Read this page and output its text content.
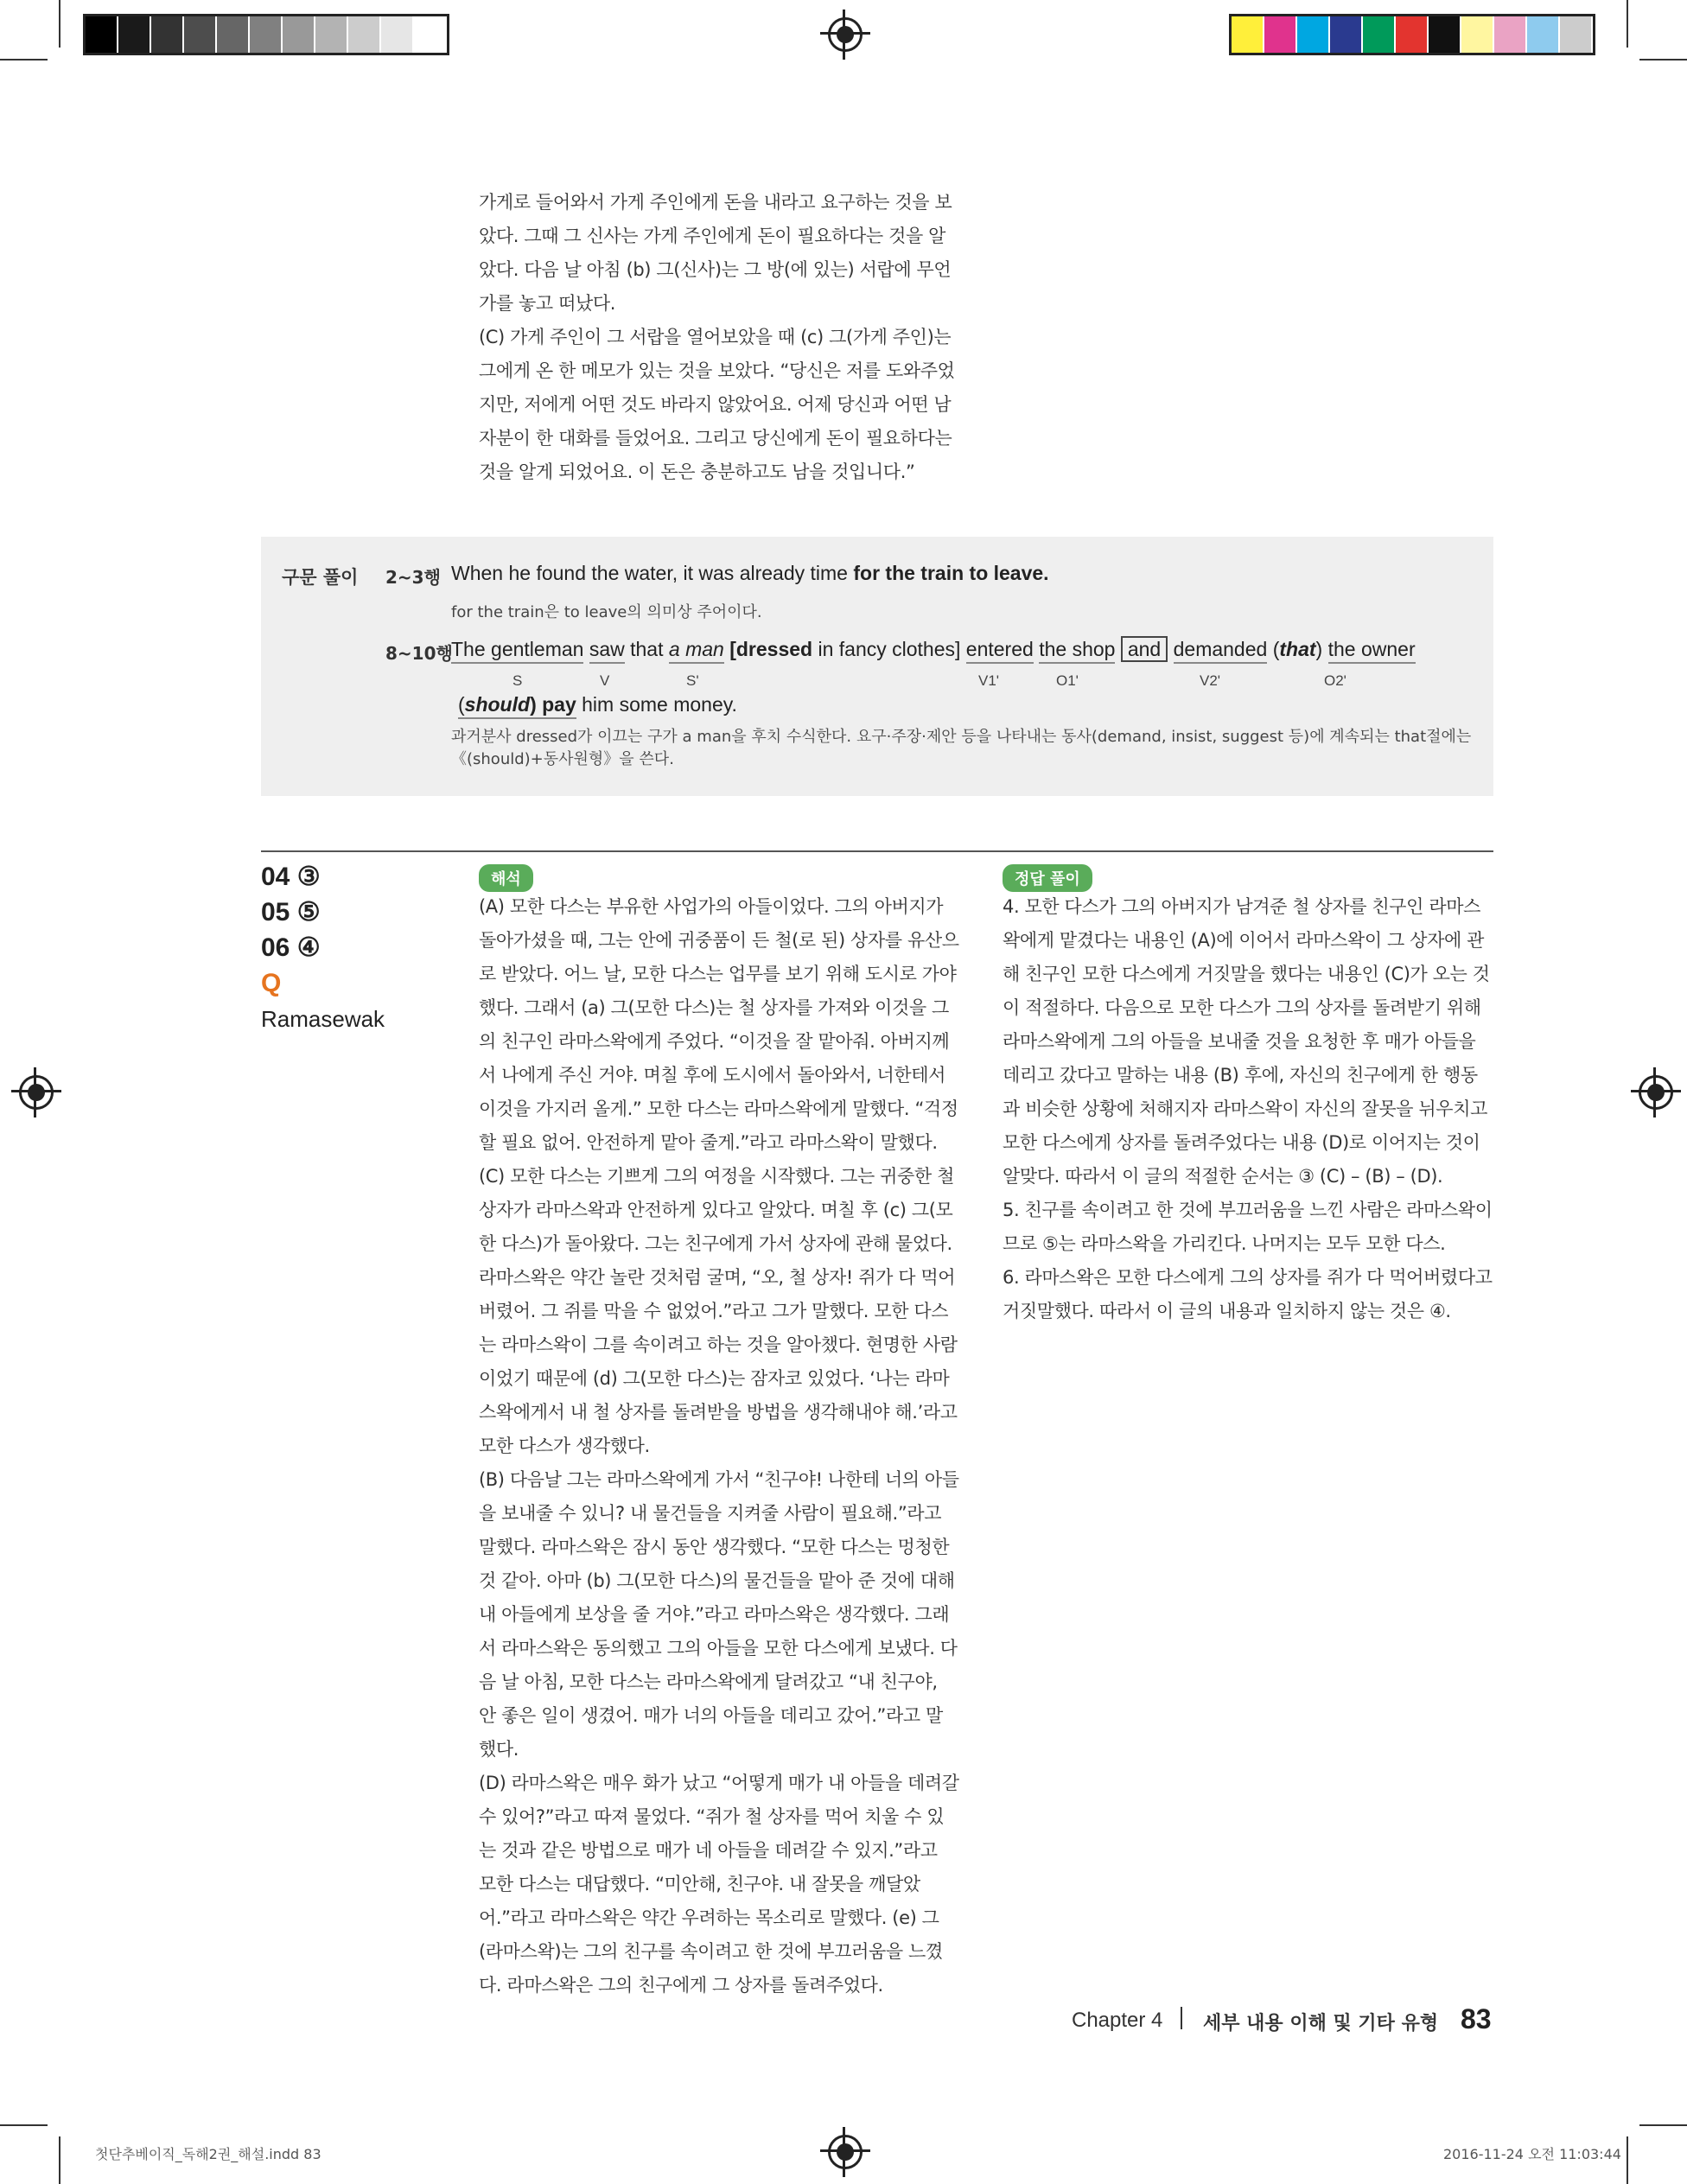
가게로 들어와서 가게 주인에게 돈을 내라고 요구하는 것을 보았다. 그때 그 신사는 가게 주인에게 돈이 필요하다는 것을 알았다. 다음 날 아침 (b) 그(신사)는 그 방(에 있는) 서랍에 무언가를 놓고 떠났다.

(C) 가게 주인이 그 서랍을 열어보았을 때 (c) 그(가게 주인)는 그에게 온 한 메모가 있는 것을 보았다. “당신은 저를 도와주었지만, 저에게 어떤 것도 바라지 않았어요. 어제 당신과 어떤 남자분이 한 대화를 들었어요. 그리고 당신에게 돈이 필요하다는 것을 알게 되었어요. 이 돈은 충분하고도 남을 것입니다.”

구문 풀이 2~3행 When he found the water, it was already time for the train to leave.
for the train은 to leave의 의미상 주어이다.
8~10행
The gentleman saw that a man [dressed in fancy clothes] entered the shop and demanded (that) the owner
S	V	S'	V1'	O1'	V2'	O2'
(should) pay him some money.
과거분사 dressed가 이끄는 구가 a man을 후치 수식한다. 요구·주장·제안 등을 나타내는 동사(demand, insist, suggest 등)에 계속되는 that절에는 《(should)+동사원형》을 쓴다.
04 ③
05 ⑤
06 ④
Q
Ramasewak
해석

(A) 모한 다스는 부유한 사업가의 아들이었다. 그의 아버지가 돌아가셨을 때, 그는 안에 귀중품이 든 철(로 된) 상자를 유산으로 받았다. 어느 날, 모한 다스는 업무를 보기 위해 도시로 가야 했다. 그래서 (a) 그(모한 다스)는 철 상자를 가져와 이것을 그의 친구인 라마스왁에게 주었다. “이것을 잘 맡아줘. 아버지께서 나에게 주신 거야. 며칠 후에 도시에서 돌아와서, 너한테서 이것을 가지러 올게.” 모한 다스는 라마스왁에게 말했다. “걱정할 필요 없어. 안전하게 맡아 줄게.”라고 라마스왁이 말했다.

(C) 모한 다스는 기쁘게 그의 여정을 시작했다. 그는 귀중한 철 상자가 라마스왁과 안전하게 있다고 알았다. 며칠 후 (c) 그(모한 다스)가 돌아왔다. 그는 친구에게 가서 상자에 관해 물었다. 라마스왁은 약간 놀란 것처럼 굴며, “오, 철 상자! 쥐가 다 먹어버렸어. 그 쥐를 막을 수 없었어.”라고 그가 말했다. 모한 다스는 라마스왁이 그를 속이려고 하는 것을 알아챘다. 현명한 사람이었기 때문에 (d) 그(모한 다스)는 잠자코 있었다. ‘나는 라마스왁에게서 내 철 상자를 돌려받을 방법을 생각해내야 해.’라고 모한 다스가 생각했다.

(B) 다음날 그는 라마스왁에게 가서 “친구야! 나한테 너의 아들을 보내줄 수 있니? 내 물건들을 지켜줄 사람이 필요해.”라고 말했다. 라마스왁은 잠시 동안 생각했다. “모한 다스는 멍청한 것 같아. 아마 (b) 그(모한 다스)의 물건들을 맡아 준 것에 대해 내 아들에게 보상을 줄 거야.”라고 라마스왁은 생각했다. 그래서 라마스왁은 동의했고 그의 아들을 모한 다스에게 보냈다. 다음 날 아침, 모한 다스는 라마스왁에게 달려갔고 “내 친구야, 안 좋은 일이 생겼어. 매가 너의 아들을 데리고 갔어.”라고 말했다.

(D) 라마스왁은 매우 화가 났고 “어떻게 매가 내 아들을 데려갈 수 있어?”라고 따져 물었다. “쥐가 철 상자를 먹어 치울 수 있는 것과 같은 방법으로 매가 네 아들을 데려갈 수 있지.”라고 모한 다스는 대답했다. “미안해, 친구야. 내 잘못을 깨달았어.”라고 라마스왁은 약간 우려하는 목소리로 말했다. (e) 그(라마스왁)는 그의 친구를 속이려고 한 것에 부끄러움을 느꼈다. 라마스왁은 그의 친구에게 그 상자를 돌려주었다.

정답 풀이

4. 모한 다스가 그의 아버지가 남겨준 철 상자를 친구인 라마스왁에게 맡겼다는 내용인 (A)에 이어서 라마스왁이 그 상자에 관해 친구인 모한 다스에게 거짓말을 했다는 내용인 (C)가 오는 것이 적절하다. 다음으로 모한 다스가 그의 상자를 돌려받기 위해 라마스왁에게 그의 아들을 보내줄 것을 요청한 후 매가 아들을 데리고 갔다고 말하는 내용 (B) 후에, 자신의 친구에게 한 행동과 비슷한 상황에 처해지자 라마스왁이 자신의 잘못을 뉘우치고 모한 다스에게 상자를 돌려주었다는 내용 (D)로 이어지는 것이 알맞다. 따라서 이 글의 적절한 순서는 ③ (C) – (B) – (D).

5. 친구를 속이려고 한 것에 부끄러움을 느낀 사람은 라마스왁이므로 ⑤는 라마스왁을 가리킨다. 나머지는 모두 모한 다스.

6. 라마스왁은 모한 다스에게 그의 상자를 쥐가 다 먹어버렸다고 거짓말했다. 따라서 이 글의 내용과 일치하지 않는 것은 ④.

Chapter 4 세부 내용 이해 및 기타 유형 83
첫단추베이직_독해2권_해설.indd 83	2016-11-24 오전 11:03:44
